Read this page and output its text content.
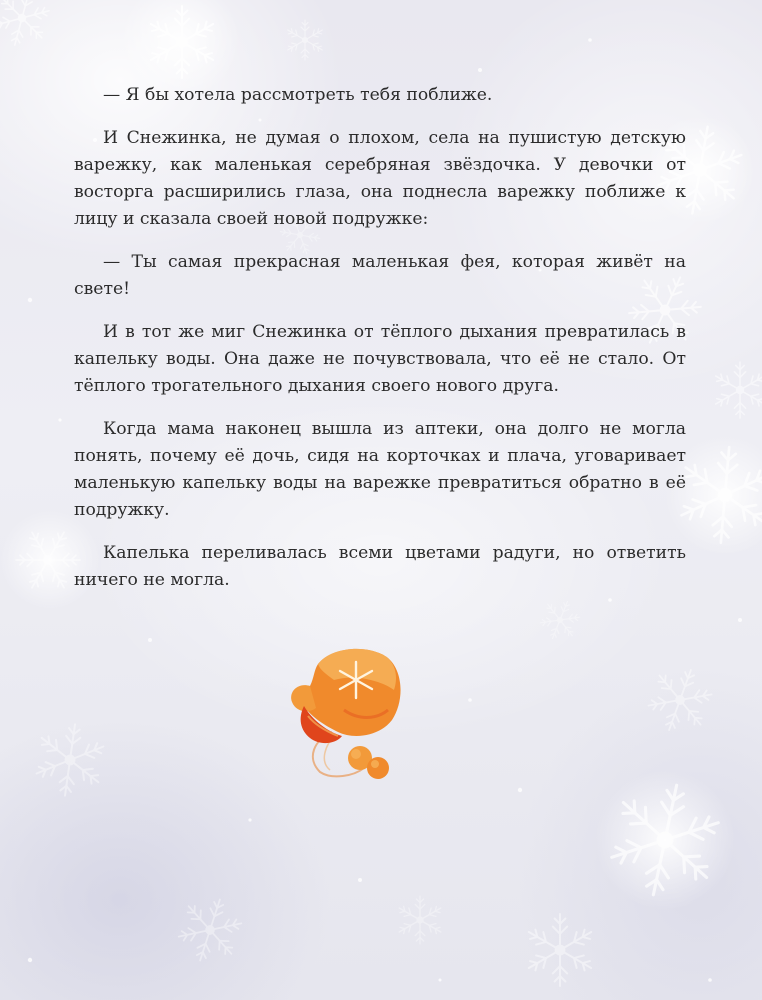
— Я бы хотела рассмотреть тебя поближе.

И Снежинка, не думая о плохом, села на пушистую детскую варежку, как маленькая серебряная звёздочка. У девочки от восторга расширились глаза, она поднесла варежку поближе к лицу и сказала своей новой подружке:

— Ты самая прекрасная маленькая фея, которая живёт на свете!

И в тот же миг Снежинка от тёплого дыхания превратилась в капельку воды. Она даже не почувствовала, что её не стало. От тёплого трогательного дыхания своего нового друга.

Когда мама наконец вышла из аптеки, она долго не могла понять, почему её дочь, сидя на корточках и плача, уговаривает маленькую капельку воды на варежке превратиться обратно в её подружку.

Капелька переливалась всеми цветами радуги, но ответить ничего не могла.
